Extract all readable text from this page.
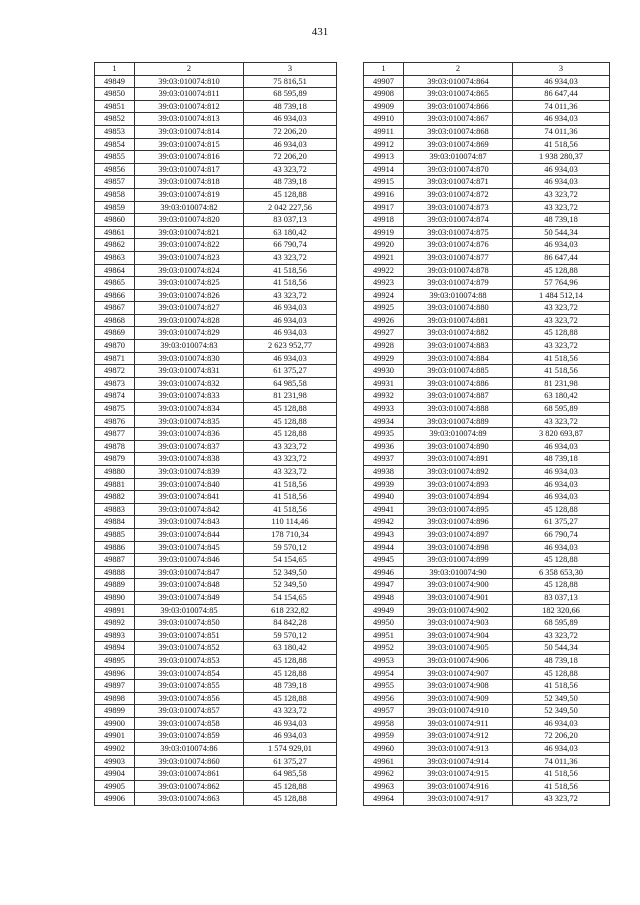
431
1	2	3
49849	39:03:010074:810	75 816,51
49850	39:03:010074:811	68 595,89
49851	39:03:010074:812	48 739,18
49852	39:03:010074:813	46 934,03
49853	39:03:010074:814	72 206,20
49854	39:03:010074:815	46 934,03
49855	39:03:010074:816	72 206,20
49856	39:03:010074:817	43 323,72
49857	39:03:010074:818	48 739,18
49858	39:03:010074:819	45 128,88
49859	39:03:010074:82	2 042 227,56
49860	39:03:010074:820	83 037,13
49861	39:03:010074:821	63 180,42
49862	39:03:010074:822	66 790,74
49863	39:03:010074:823	43 323,72
49864	39:03:010074:824	41 518,56
49865	39:03:010074:825	41 518,56
49866	39:03:010074:826	43 323,72
49867	39:03:010074:827	46 934,03
49868	39:03:010074:828	46 934,03
49869	39:03:010074:829	46 934,03
49870	39:03:010074:83	2 623 952,77
49871	39:03:010074:830	46 934,03
49872	39:03:010074:831	61 375,27
49873	39:03:010074:832	64 985,58
49874	39:03:010074:833	81 231,98
49875	39:03:010074:834	45 128,88
49876	39:03:010074:835	45 128,88
49877	39:03:010074:836	45 128,88
49878	39:03:010074:837	43 323,72
49879	39:03:010074:838	43 323,72
49880	39:03:010074:839	43 323,72
49881	39:03:010074:840	41 518,56
49882	39:03:010074:841	41 518,56
49883	39:03:010074:842	41 518,56
49884	39:03:010074:843	110 114,46
49885	39:03:010074:844	178 710,34
49886	39:03:010074:845	59 570,12
49887	39:03:010074:846	54 154,65
49888	39:03:010074:847	52 349,50
49889	39:03:010074:848	52 349,50
49890	39:03:010074:849	54 154,65
49891	39:03:010074:85	618 232,82
49892	39:03:010074:850	84 842,28
49893	39:03:010074:851	59 570,12
49894	39:03:010074:852	63 180,42
49895	39:03:010074:853	45 128,88
49896	39:03:010074:854	45 128,88
49897	39:03:010074:855	48 739,18
49898	39:03:010074:856	45 128,88
49899	39:03:010074:857	43 323,72
49900	39:03:010074:858	46 934,03
49901	39:03:010074:859	46 934,03
49902	39:03:010074:86	1 574 929,01
49903	39:03:010074:860	61 375,27
49904	39:03:010074:861	64 985,58
49905	39:03:010074:862	45 128,88
49906	39:03:010074:863	45 128,88
1	2	3
49907	39:03:010074:864	46 934,03
49908	39:03:010074:865	86 647,44
49909	39:03:010074:866	74 011,36
49910	39:03:010074:867	46 934,03
49911	39:03:010074:868	74 011,36
49912	39:03:010074:869	41 518,56
49913	39:03:010074:87	1 938 280,37
49914	39:03:010074:870	46 934,03
49915	39:03:010074:871	46 934,03
49916	39:03:010074:872	43 323,72
49917	39:03:010074:873	43 323,72
49918	39:03:010074:874	48 739,18
49919	39:03:010074:875	50 544,34
49920	39:03:010074:876	46 934,03
49921	39:03:010074:877	86 647,44
49922	39:03:010074:878	45 128,88
49923	39:03:010074:879	57 764,96
49924	39:03:010074:88	1 484 512,14
49925	39:03:010074:880	43 323,72
49926	39:03:010074:881	43 323,72
49927	39:03:010074:882	45 128,88
49928	39:03:010074:883	43 323,72
49929	39:03:010074:884	41 518,56
49930	39:03:010074:885	41 518,56
49931	39:03:010074:886	81 231,98
49932	39:03:010074:887	63 180,42
49933	39:03:010074:888	68 595,89
49934	39:03:010074:889	43 323,72
49935	39:03:010074:89	3 820 693,87
49936	39:03:010074:890	46 934,03
49937	39:03:010074:891	48 739,18
49938	39:03:010074:892	46 934,03
49939	39:03:010074:893	46 934,03
49940	39:03:010074:894	46 934,03
49941	39:03:010074:895	45 128,88
49942	39:03:010074:896	61 375,27
49943	39:03:010074:897	66 790,74
49944	39:03:010074:898	46 934,03
49945	39:03:010074:899	45 128,88
49946	39:03:010074:90	6 358 653,30
49947	39:03:010074:900	45 128,88
49948	39:03:010074:901	83 037,13
49949	39:03:010074:902	182 320,66
49950	39:03:010074:903	68 595,89
49951	39:03:010074:904	43 323,72
49952	39:03:010074:905	50 544,34
49953	39:03:010074:906	48 739,18
49954	39:03:010074:907	45 128,88
49955	39:03:010074:908	41 518,56
49956	39:03:010074:909	52 349,50
49957	39:03:010074:910	52 349,50
49958	39:03:010074:911	46 934,03
49959	39:03:010074:912	72 206,20
49960	39:03:010074:913	46 934,03
49961	39:03:010074:914	74 011,36
49962	39:03:010074:915	41 518,56
49963	39:03:010074:916	41 518,56
49964	39:03:010074:917	43 323,72
